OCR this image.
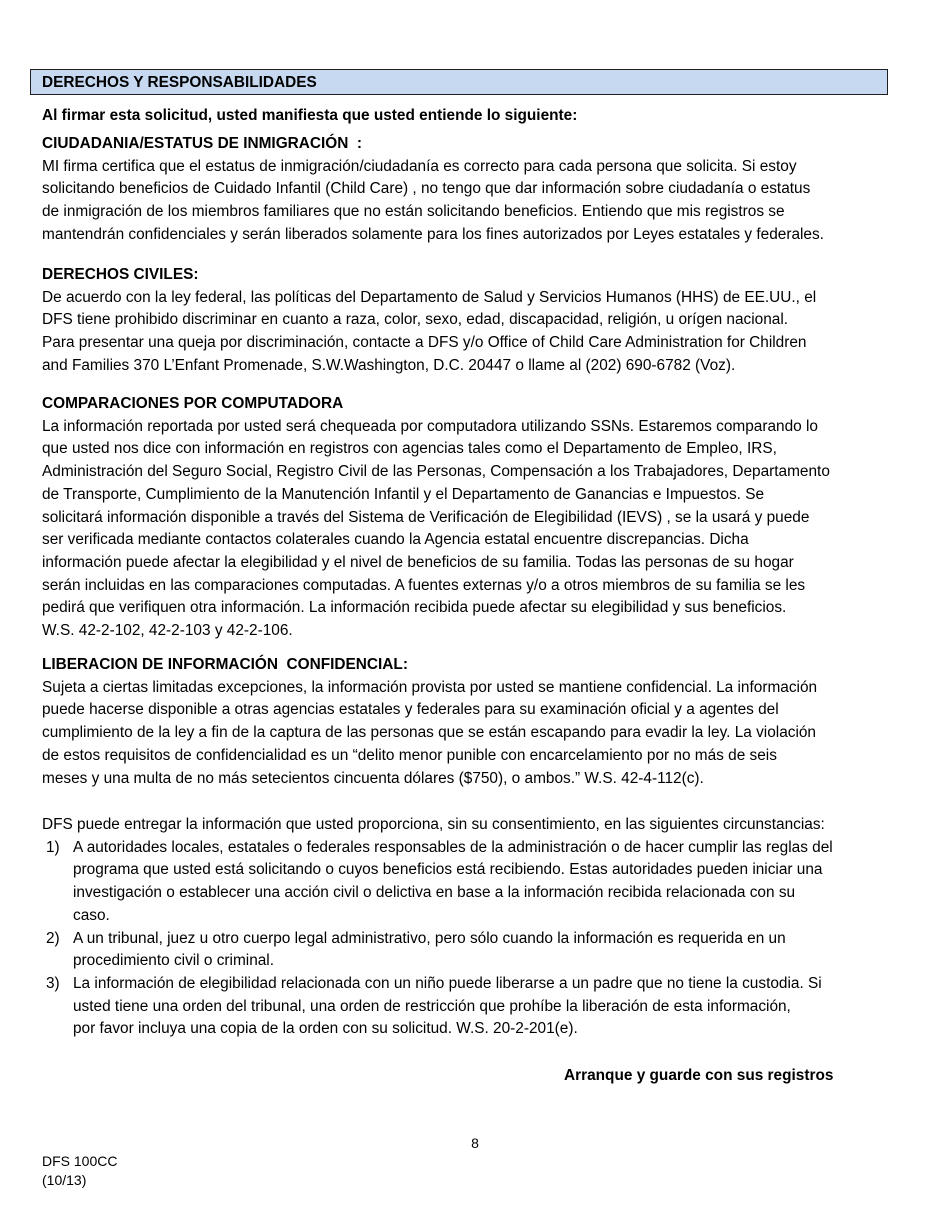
DERECHOS Y RESPONSABILIDADES
Al firmar esta solicitud, usted manifiesta que usted entiende lo siguiente:
CIUDADANIA/ESTATUS DE INMIGRACIÓN  :

MI firma certifica que el estatus de inmigración/ciudadanía es correcto para cada persona que solicita. Si estoy
solicitando beneficios de Cuidado Infantil (Child Care) , no tengo que dar información sobre ciudadanía o estatus
de inmigración de los miembros familiares que no están solicitando beneficios. Entiendo que mis registros se
mantendrán confidenciales y serán liberados solamente para los fines autorizados por Leyes estatales y federales.

DERECHOS CIVILES:

De acuerdo con la ley federal, las políticas del Departamento de Salud y Servicios Humanos (HHS) de EE.UU., el
DFS tiene prohibido discriminar en cuanto a raza, color, sexo, edad, discapacidad, religión, u orígen nacional.
Para presentar una queja por discriminación, contacte a DFS y/o Office of Child Care Administration for Children
and Families 370 L’Enfant Promenade, S.W.Washington, D.C. 20447 o llame al (202) 690-6782 (Voz).

COMPARACIONES POR COMPUTADORA

La información reportada por usted será chequeada por computadora utilizando SSNs. Estaremos comparando lo
que usted nos dice con información en registros con agencias tales como el Departamento de Empleo, IRS,
Administración del Seguro Social, Registro Civil de las Personas, Compensación a los Trabajadores, Departamento
de Transporte, Cumplimiento de la Manutención Infantil y el Departamento de Ganancias e Impuestos. Se
solicitará información disponible a través del Sistema de Verificación de Elegibilidad (IEVS) , se la usará y puede
ser verificada mediante contactos colaterales cuando la Agencia estatal encuentre discrepancias. Dicha
información puede afectar la elegibilidad y el nivel de beneficios de su familia. Todas las personas de su hogar
serán incluidas en las comparaciones computadas. A fuentes externas y/o a otros miembros de su familia se les
pedirá que verifiquen otra información. La información recibida puede afectar su elegibilidad y sus beneficios.
W.S. 42-2-102, 42-2-103 y 42-2-106.

LIBERACION DE INFORMACIÓN  CONFIDENCIAL:

Sujeta a ciertas limitadas excepciones, la información provista por usted se mantiene confidencial. La información
puede hacerse disponible a otras agencias estatales y federales para su examinación oficial y a agentes del
cumplimiento de la ley a fin de la captura de las personas que se están escapando para evadir la ley. La violación
de estos requisitos de confidencialidad es un “delito menor punible con encarcelamiento por no más de seis
meses y una multa de no más setecientos cincuenta dólares ($750), o ambos.” W.S. 42-4-112(c).

DFS puede entregar la información que usted proporciona, sin su consentimiento, en las siguientes circunstancias:

1) A autoridades locales, estatales o federales responsables de la administración o de hacer cumplir las reglas del
programa que usted está solicitando o cuyos beneficios está recibiendo. Estas autoridades pueden iniciar una
investigación o establecer una acción civil o delictiva en base a la información recibida relacionada con su
caso.
2) A un tribunal, juez u otro cuerpo legal administrativo, pero sólo cuando la información es requerida en un
procedimiento civil o criminal.
3) La información de elegibilidad relacionada con un niño puede liberarse a un padre que no tiene la custodia. Si
usted tiene una orden del tribunal, una orden de restricción que prohíbe la liberación de esta información,
por favor incluya una copia de la orden con su solicitud. W.S. 20-2-201(e).
Arranque y guarde con sus registros
8
DFS 100CC
(10/13)
